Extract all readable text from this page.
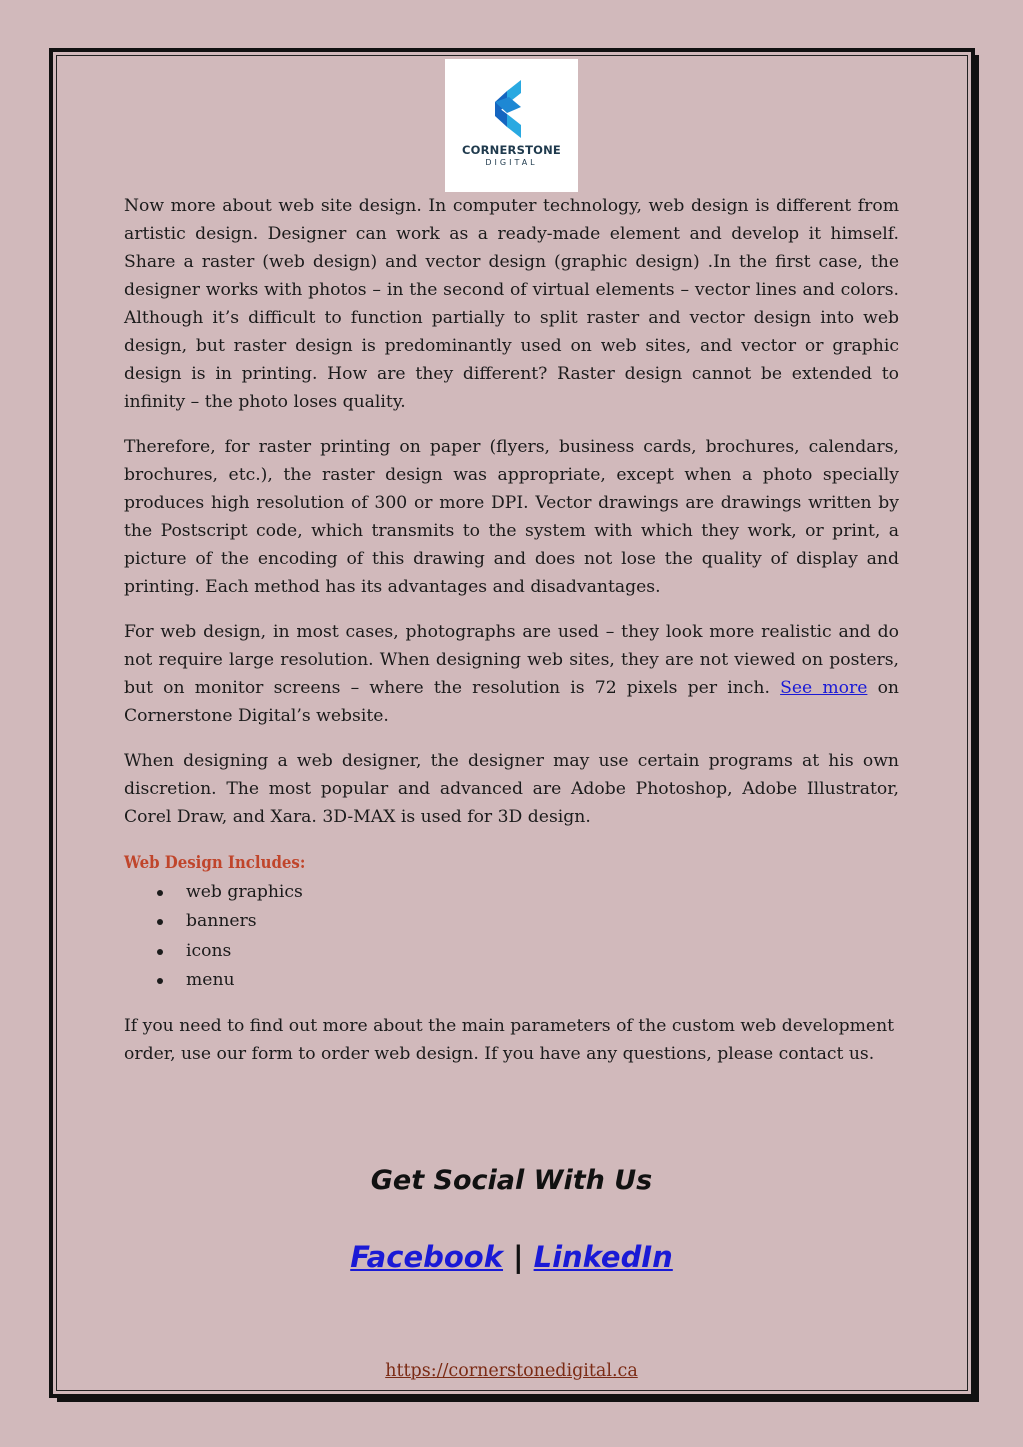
CORNERSTONE
DIGITAL

Now more about web site design. In computer technology, web design is different from artistic design. Designer can work as a ready-made element and develop it himself. Share a raster (web design) and vector design (graphic design) .In the first case, the designer works with photos – in the second of virtual elements – vector lines and colors. Although it’s difficult to function partially to split raster and vector design into web design, but raster design is predominantly used on web sites, and vector or graphic design is in printing. How are they different? Raster design cannot be extended to infinity – the photo loses quality.

Therefore, for raster printing on paper (flyers, business cards, brochures, calendars, brochures, etc.), the raster design was appropriate, except when a photo specially produces high resolution of 300 or more DPI. Vector drawings are drawings written by the Postscript code, which transmits to the system with which they work, or print, a picture of the encoding of this drawing and does not lose the quality of display and printing. Each method has its advantages and disadvantages.

For web design, in most cases, photographs are used – they look more realistic and do not require large resolution. When designing web sites, they are not viewed on posters, but on monitor screens – where the resolution is 72 pixels per inch. See more on Cornerstone Digital’s website.

When designing a web designer, the designer may use certain programs at his own discretion. The most popular and advanced are Adobe Photoshop, Adobe Illustrator, Corel Draw, and Xara. 3D-MAX is used for 3D design.

Web Design Includes:
web graphics
banners
icons
menu

If you need to find out more about the main parameters of the custom web development order, use our form to order web design. If you have any questions, please contact us.

Get Social With Us
Facebook | LinkedIn
https://cornerstonedigital.ca
